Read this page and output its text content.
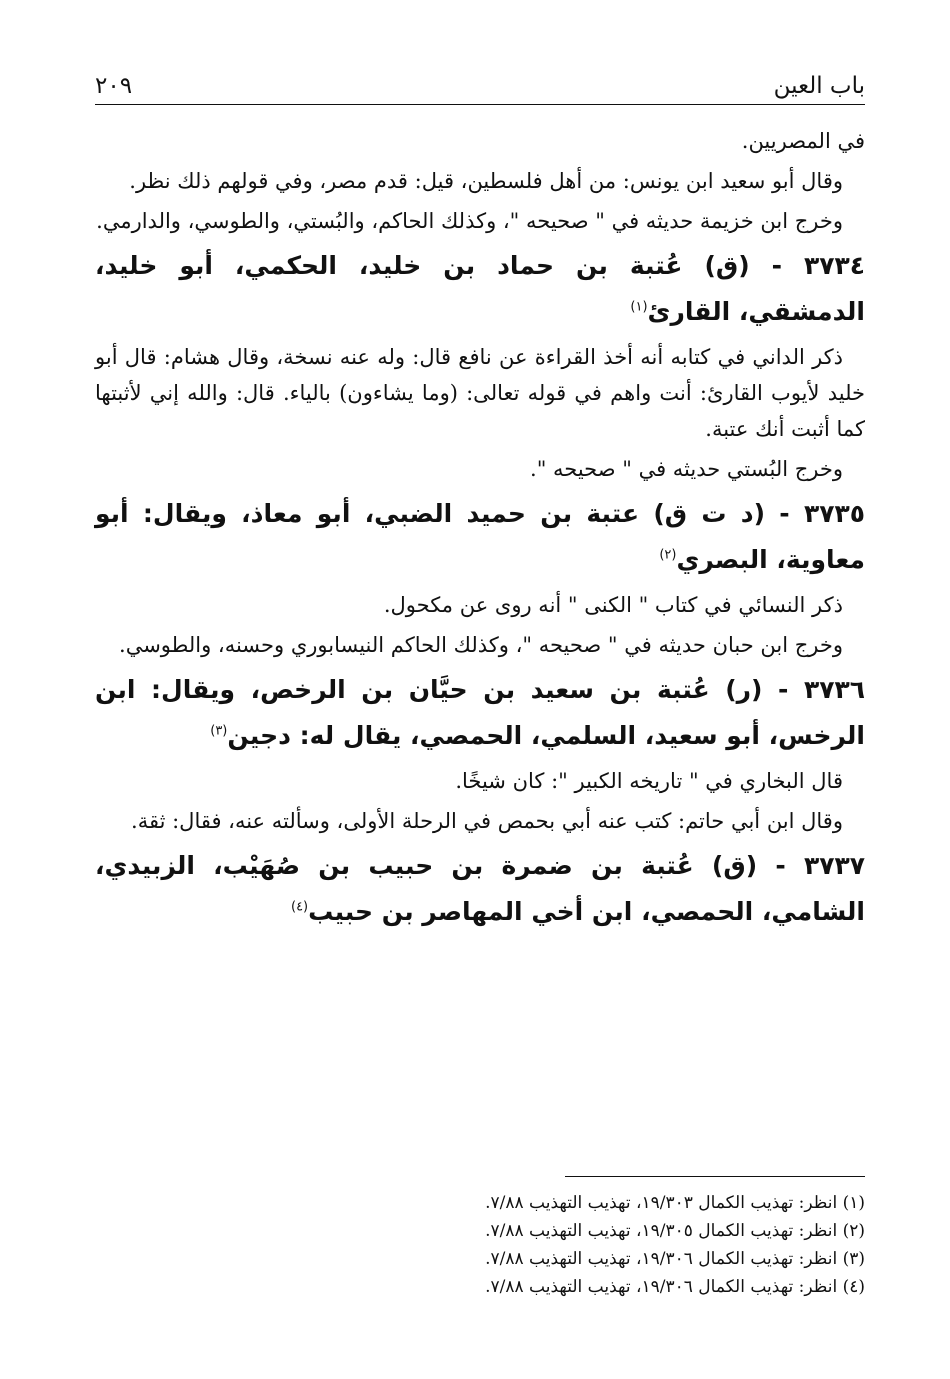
باب العين
٢٠٩

في المصريين.

وقال أبو سعيد ابن يونس: من أهل فلسطين، قيل: قدم مصر، وفي قولهم ذلك نظر.

وخرج ابن خزيمة حديثه في " صحيحه "، وكذلك الحاكم، والبُستي، والطوسي، والدارمي.

٣٧٣٤ - (ق) عُتبة بن حماد بن خليد، الحكمي، أبو خليد، الدمشقي، القارئ$^{(١)}$

ذكر الداني في كتابه أنه أخذ القراءة عن نافع قال: وله عنه نسخة، وقال هشام: قال أبو خليد لأيوب القارئ: أنت واهم في قوله تعالى: (وما يشاءون) بالياء. قال: والله إني لأثبتها كما أثبت أنك عتبة.

وخرج البُستي حديثه في " صحيحه ".

٣٧٣٥ - (د ت ق) عتبة بن حميد الضبي، أبو معاذ، ويقال: أبو معاوية، البصري$^{(٢)}$

ذكر النسائي في كتاب " الكنى " أنه روى عن مكحول.

وخرج ابن حبان حديثه في " صحيحه "، وكذلك الحاكم النيسابوري وحسنه، والطوسي.

٣٧٣٦ - (ر) عُتبة بن سعيد بن حيَّان بن الرخص، ويقال: ابن الرخس، أبو سعيد، السلمي، الحمصي، يقال له: دجين$^{(٣)}$

قال البخاري في " تاريخه الكبير ": كان شيخًا.

وقال ابن أبي حاتم: كتب عنه أبي بحمص في الرحلة الأولى، وسألته عنه، فقال: ثقة.

٣٧٣٧ - (ق) عُتبة بن ضمرة بن حبيب بن صُهَيْب، الزبيدي، الشامي، الحمصي، ابن أخي المهاصر بن حبيب$^{(٤)}$
(١) انظر: تهذيب الكمال ١٩/٣٠٣، تهذيب التهذيب ٧/٨٨.
(٢) انظر: تهذيب الكمال ١٩/٣٠٥، تهذيب التهذيب ٧/٨٨.
(٣) انظر: تهذيب الكمال ١٩/٣٠٦، تهذيب التهذيب ٧/٨٨.
(٤) انظر: تهذيب الكمال ١٩/٣٠٦، تهذيب التهذيب ٧/٨٨.
